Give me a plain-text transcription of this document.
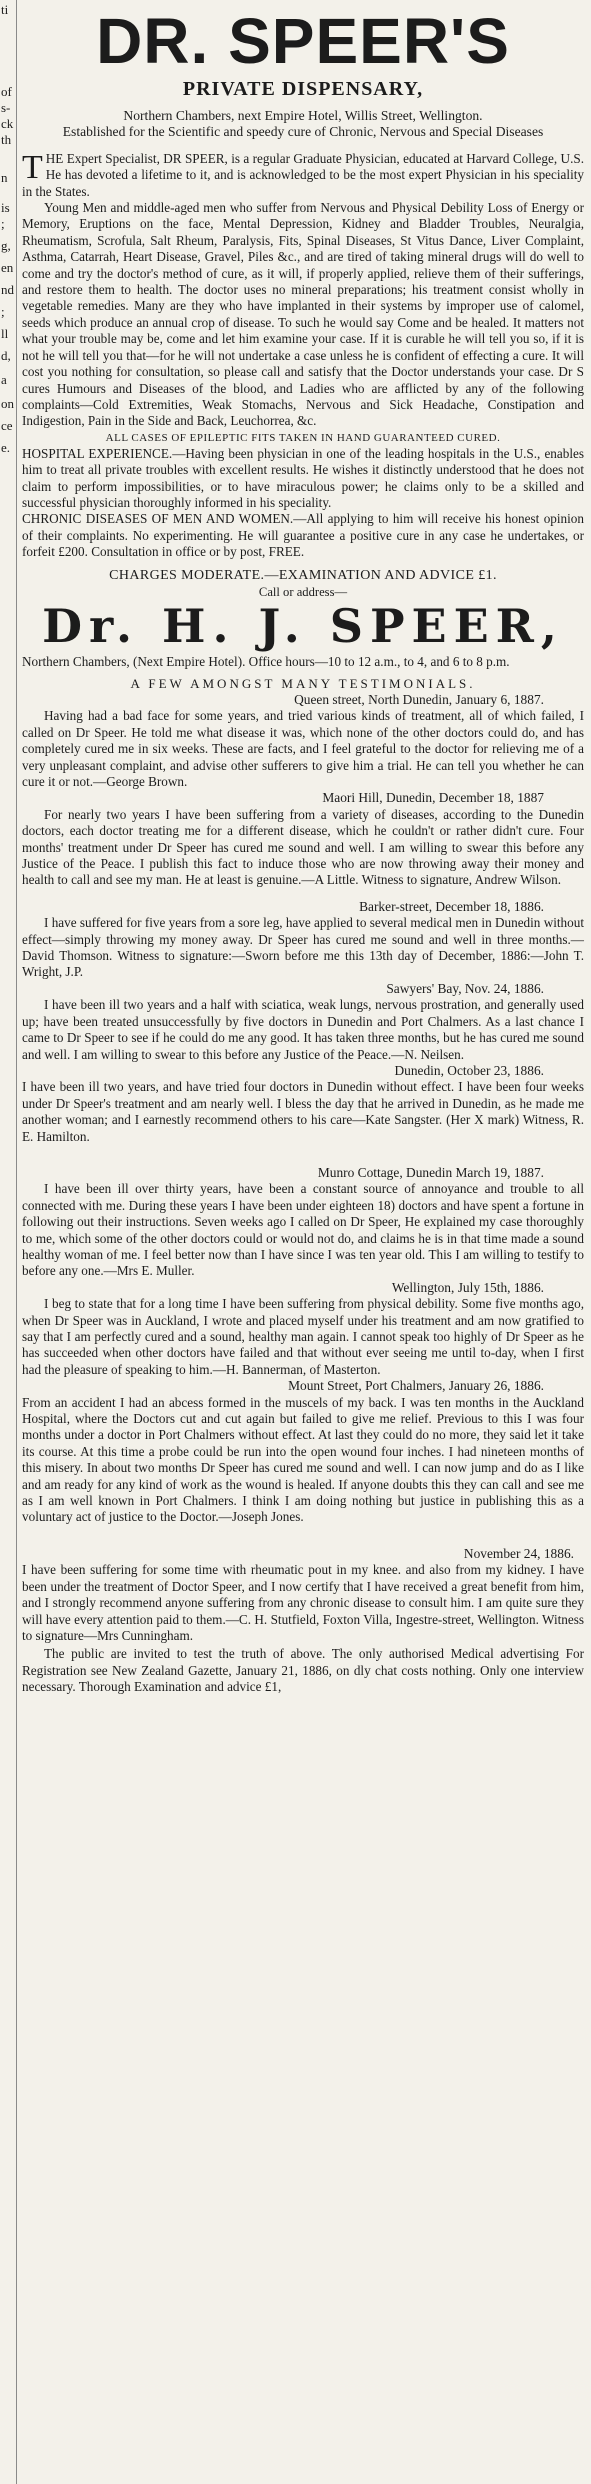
ti
of
s-
ck
th
n
is
;
g,
en
nd
;
ll
d,
a
on
ce
e.
DR. SPEER'S

PRIVATE DISPENSARY,

Northern Chambers, next Empire Hotel, Willis Street, Wellington.

Established for the Scientific and speedy cure of Chronic, Nervous and Special Diseases

THE Expert Specialist, DR SPEER, is a regular Graduate Physician, educated at Harvard College, U.S. He has devoted a lifetime to it, and is acknowledged to be the most expert Physician in his speciality in the States.

Young Men and middle-aged men who suffer from Nervous and Physical Debility Loss of Energy or Memory, Eruptions on the face, Mental Depression, Kidney and Bladder Troubles, Neuralgia, Rheumatism, Scrofula, Salt Rheum, Paralysis, Fits, Spinal Diseases, St Vitus Dance, Liver Complaint, Asthma, Catarrah, Heart Disease, Gravel, Piles &c., and are tired of taking mineral drugs will do well to come and try the doctor's method of cure, as it will, if properly applied, relieve them of their sufferings, and restore them to health. The doctor uses no mineral preparations; his treatment consist wholly in vegetable remedies. Many are they who have implanted in their systems by improper use of calomel, seeds which produce an annual crop of disease. To such he would say Come and be healed. It matters not what your trouble may be, come and let him examine your case. If it is curable he will tell you so, if it is not he will tell you that—for he will not undertake a case unless he is confident of effecting a cure. It will cost you nothing for consultation, so please call and satisfy that the Doctor understands your case. Dr S cures Humours and Diseases of the blood, and Ladies who are afflicted by any of the following complaints—Cold Extremities, Weak Stomachs, Nervous and Sick Headache, Constipation and Indigestion, Pain in the Side and Back, Leuchorrea, &c.

ALL CASES OF EPILEPTIC FITS TAKEN IN HAND GUARANTEED CURED.

HOSPITAL EXPERIENCE.—Having been physician in one of the leading hospitals in the U.S., enables him to treat all private troubles with excellent results. He wishes it distinctly understood that he does not claim to perform impossibilities, or to have miraculous power; he claims only to be a skilled and successful physician thoroughly informed in his speciality.

CHRONIC DISEASES OF MEN AND WOMEN.—All applying to him will receive his honest opinion of their complaints. No experimenting. He will guarantee a positive cure in any case he undertakes, or forfeit £200. Consultation in office or by post, FREE.

CHARGES MODERATE.—EXAMINATION AND ADVICE £1.

Call or address—

Dr. H. J. SPEER,

Northern Chambers, (Next Empire Hotel). Office hours—10 to 12 a.m., to 4, and 6 to 8 p.m.

A FEW AMONGST MANY TESTIMONIALS.

Queen street, North Dunedin, January 6, 1887.

Having had a bad face for some years, and tried various kinds of treatment, all of which failed, I called on Dr Speer. He told me what disease it was, which none of the other doctors could do, and has completely cured me in six weeks. These are facts, and I feel grateful to the doctor for relieving me of a very unpleasant complaint, and advise other sufferers to give him a trial. He can tell you whether he can cure it or not.—George Brown.

Maori Hill, Dunedin, December 18, 1887

For nearly two years I have been suffering from a variety of diseases, according to the Dunedin doctors, each doctor treating me for a different disease, which he couldn't or rather didn't cure. Four months' treatment under Dr Speer has cured me sound and well. I am willing to swear this before any Justice of the Peace. I publish this fact to induce those who are now throwing away their money and health to call and see my man. He at least is genuine.—A Little. Witness to signature, Andrew Wilson.

Barker-street, December 18, 1886.

I have suffered for five years from a sore leg, have applied to several medical men in Dunedin without effect—simply throwing my money away. Dr Speer has cured me sound and well in three months.—David Thomson. Witness to signature:—Sworn before me this 13th day of December, 1886:—John T. Wright, J.P.

Sawyers' Bay, Nov. 24, 1886.

I have been ill two years and a half with sciatica, weak lungs, nervous prostration, and generally used up; have been treated unsuccessfully by five doctors in Dunedin and Port Chalmers. As a last chance I came to Dr Speer to see if he could do me any good. It has taken three months, but he has cured me sound and well. I am willing to swear to this before any Justice of the Peace.—N. Neilsen.

Dunedin, October 23, 1886.

I have been ill two years, and have tried four doctors in Dunedin without effect. I have been four weeks under Dr Speer's treatment and am nearly well. I bless the day that he arrived in Dunedin, as he made me another woman; and I earnestly recommend others to his care—Kate Sangster. (Her X mark) Witness, R. E. Hamilton.

Munro Cottage, Dunedin March 19, 1887.

I have been ill over thirty years, have been a constant source of annoyance and trouble to all connected with me. During these years I have been under eighteen 18) doctors and have spent a fortune in following out their instructions. Seven weeks ago I called on Dr Speer, He explained my case thoroughly to me, which some of the other doctors could or would not do, and claims he is in that time made a sound healthy woman of me. I feel better now than I have since I was ten year old. This I am willing to testify to before any one.—Mrs E. Muller.

Wellington, July 15th, 1886.

I beg to state that for a long time I have been suffering from physical debility. Some five months ago, when Dr Speer was in Auckland, I wrote and placed myself under his treatment and am now gratified to say that I am perfectly cured and a sound, healthy man again. I cannot speak too highly of Dr Speer as he has succeeded when other doctors have failed and that without ever seeing me until to-day, when I first had the pleasure of speaking to him.—H. Bannerman, of Masterton.

Mount Street, Port Chalmers, January 26, 1886.

From an accident I had an abcess formed in the muscels of my back. I was ten months in the Auckland Hospital, where the Doctors cut and cut again but failed to give me relief. Previous to this I was four months under a doctor in Port Chalmers without effect. At last they could do no more, they said let it take its course. At this time a probe could be run into the open wound four inches. I had nineteen months of this misery. In about two months Dr Speer has cured me sound and well. I can now jump and do as I like and am ready for any kind of work as the wound is healed. If anyone doubts this they can call and see me as I am well known in Port Chalmers. I think I am doing nothing but justice in publishing this as a voluntary act of justice to the Doctor.—Joseph Jones.

November 24, 1886.

I have been suffering for some time with rheumatic pout in my knee. and also from my kidney. I have been under the treatment of Doctor Speer, and I now certify that I have received a great benefit from him, and I strongly recommend anyone suffering from any chronic disease to consult him. I am quite sure they will have every attention paid to them.—C. H. Stutfield, Foxton Villa, Ingestre-street, Wellington. Witness to signature—Mrs Cunningham.

The public are invited to test the truth of above. The only authorised Medical advertising For Registration see New Zealand Gazette, January 21, 1886, on dly chat costs nothing. Only one interview necessary. Thorough Examination and advice £1,
